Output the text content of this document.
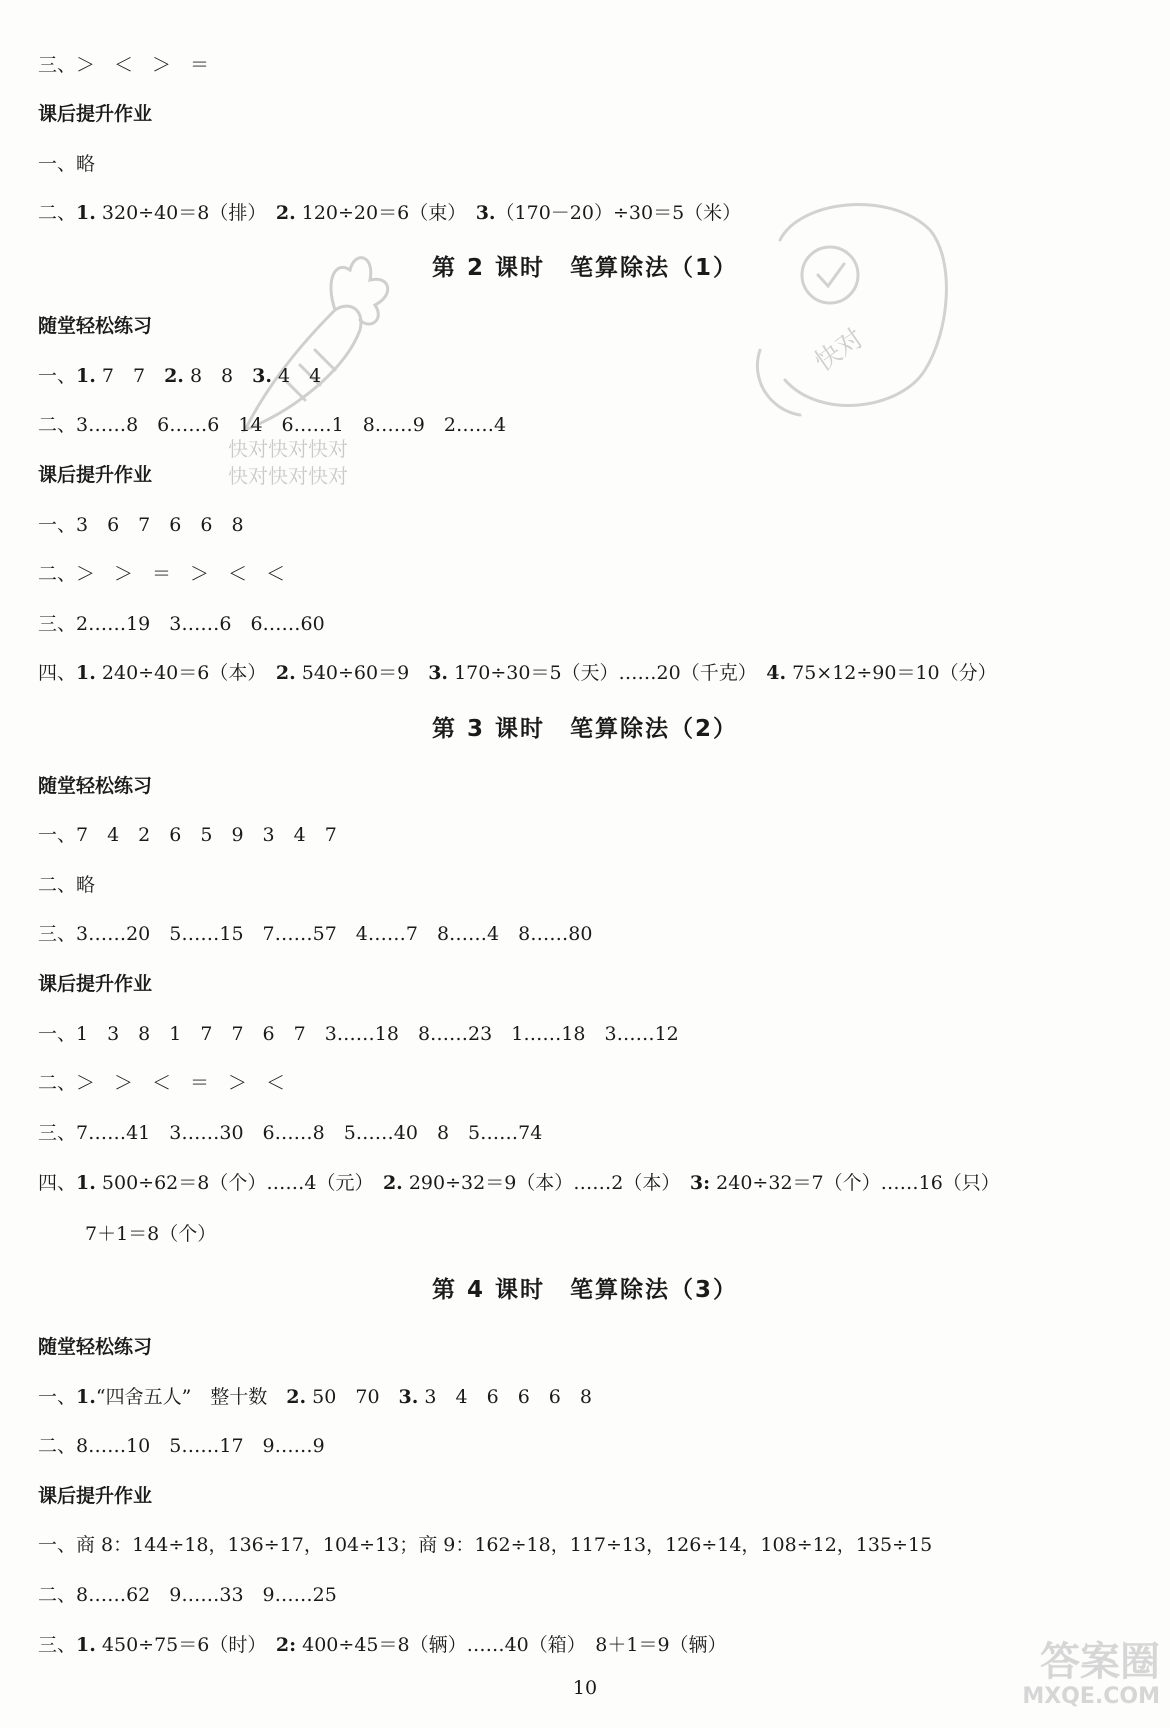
快对
快对快对快对
快对快对快对
三、＞　＜　＞　＝
课后提升作业
一、略
二、1. 320÷40＝8（排）　2. 120÷20＝6（束）　3.（170－20）÷30＝5（米）
第 2 课时　笔算除法（1）
随堂轻松练习
一、1. 7　7　2. 8　8　3. 4　4
二、3……8　6……6　14　6……1　8……9　2……4
课后提升作业
一、3　6　7　6　6　8
二、＞　＞　＝　＞　＜　＜
三、2……19　3……6　6……60
四、1. 240÷40＝6（本）　2. 540÷60＝9　3. 170÷30＝5（天）……20（千克）　4. 75×12÷90＝10（分）
第 3 课时　笔算除法（2）
随堂轻松练习
一、7　4　2　6　5　9　3　4　7
二、略
三、3……20　5……15　7……57　4……7　8……4　8……80
课后提升作业
一、1　3　8　1　7　7　6　7　3……18　8……23　1……18　3……12
二、＞　＞　＜　＝　＞　＜
三、7……41　3……30　6……8　5……40　8　5……74
四、1. 500÷62＝8（个）……4（元）　2. 290÷32＝9（本）……2（本）　3: 240÷32＝7（个）……16（只）
7＋1＝8（个）
第 4 课时　笔算除法（3）
随堂轻松练习
一、1.“四舍五人”　整十数　2. 50　70　3. 3　4　6　6　6　8
二、8……10　5……17　9……9
课后提升作业
一、商 8：144÷18，136÷17，104÷13；商 9：162÷18，117÷13，126÷14，108÷12，135÷15
二、8……62　9……33　9……25
三、1. 450÷75＝6（时）　2: 400÷45＝8（辆）……40（箱）　8＋1＝9（辆）
10
答案圈
MXQE.COM
